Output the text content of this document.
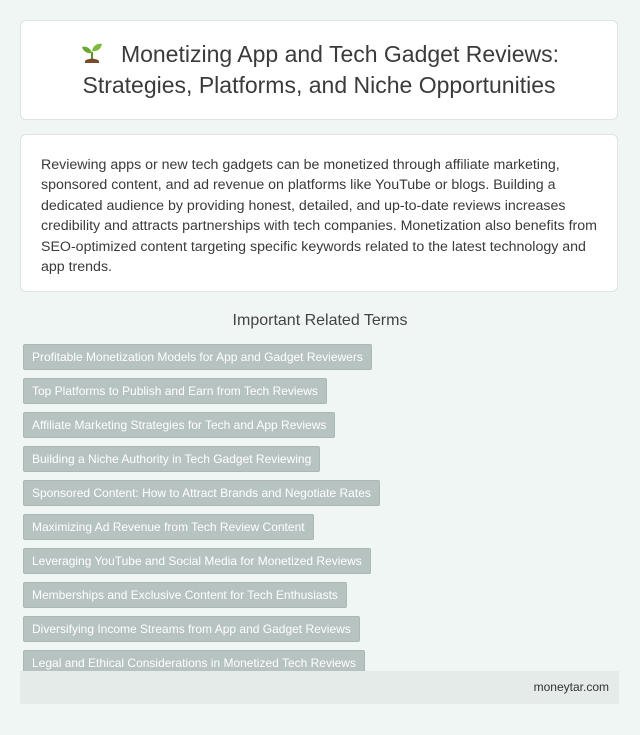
Monetizing App and Tech Gadget Reviews:
Strategies, Platforms, and Niche Opportunities

Reviewing apps or new tech gadgets can be monetized through affiliate marketing, sponsored content, and ad revenue on platforms like YouTube or blogs. Building a dedicated audience by providing honest, detailed, and up-to-date reviews increases credibility and attracts partnerships with tech companies. Monetization also benefits from SEO-optimized content targeting specific keywords related to the latest technology and app trends.

Important Related Terms
Profitable Monetization Models for App and Gadget Reviewers
Top Platforms to Publish and Earn from Tech Reviews
Affiliate Marketing Strategies for Tech and App Reviews
Building a Niche Authority in Tech Gadget Reviewing
Sponsored Content: How to Attract Brands and Negotiate Rates
Maximizing Ad Revenue from Tech Review Content
Leveraging YouTube and Social Media for Monetized Reviews
Memberships and Exclusive Content for Tech Enthusiasts
Diversifying Income Streams from App and Gadget Reviews
Legal and Ethical Considerations in Monetized Tech Reviews
moneytar.com
